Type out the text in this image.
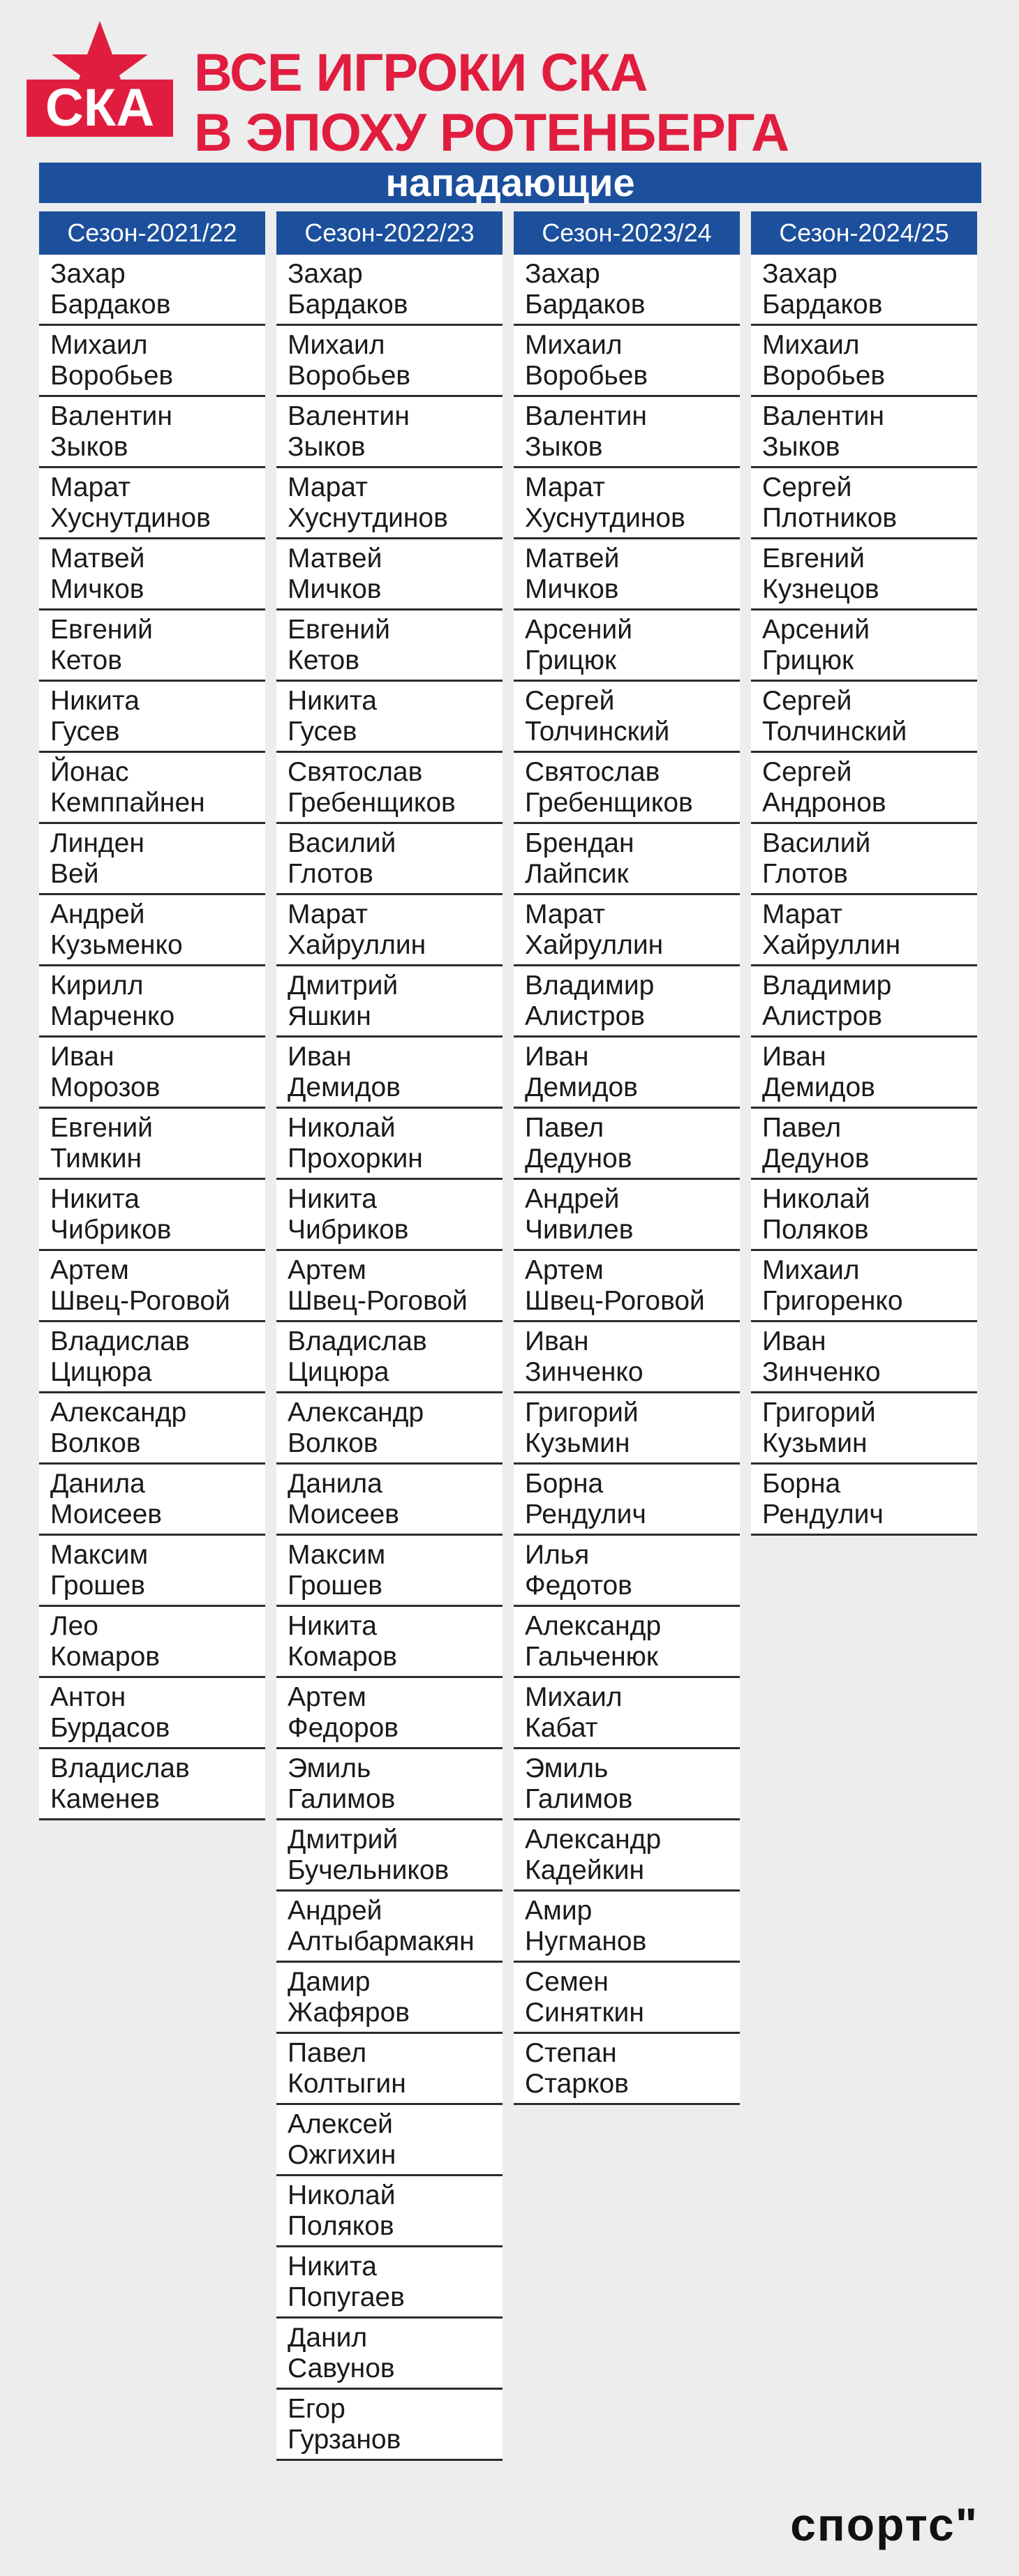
СКА
ВСЕ ИГРОКИ СКА
В ЭПОХУ РОТЕНБЕРГА
нападающие
Сезон-2021/22
Захар
Бардаков
Михаил
Воробьев
Валентин
Зыков
Марат
Хуснутдинов
Матвей
Мичков
Евгений
Кетов
Никита
Гусев
Йонас
Кемппайнен
Линден
Вей
Андрей
Кузьменко
Кирилл
Марченко
Иван
Морозов
Евгений
Тимкин
Никита
Чибриков
Артем
Швец-Роговой
Владислав
Цицюра
Александр
Волков
Данила
Моисеев
Максим
Грошев
Лео
Комаров
Антон
Бурдасов
Владислав
Каменев
Сезон-2022/23
Захар
Бардаков
Михаил
Воробьев
Валентин
Зыков
Марат
Хуснутдинов
Матвей
Мичков
Евгений
Кетов
Никита
Гусев
Святослав
Гребенщиков
Василий
Глотов
Марат
Хайруллин
Дмитрий
Яшкин
Иван
Демидов
Николай
Прохоркин
Никита
Чибриков
Артем
Швец-Роговой
Владислав
Цицюра
Александр
Волков
Данила
Моисеев
Максим
Грошев
Никита
Комаров
Артем
Федоров
Эмиль
Галимов
Дмитрий
Бучельников
Андрей
Алтыбармакян
Дамир
Жафяров
Павел
Колтыгин
Алексей
Ожгихин
Николай
Поляков
Никита
Попугаев
Данил
Савунов
Егор
Гурзанов
Сезон-2023/24
Захар
Бардаков
Михаил
Воробьев
Валентин
Зыков
Марат
Хуснутдинов
Матвей
Мичков
Арсений
Грицюк
Сергей
Толчинский
Святослав
Гребенщиков
Брендан
Лайпсик
Марат
Хайруллин
Владимир
Алистров
Иван
Демидов
Павел
Дедунов
Андрей
Чивилев
Артем
Швец-Роговой
Иван
Зинченко
Григорий
Кузьмин
Борна
Рендулич
Илья
Федотов
Александр
Гальченюк
Михаил
Кабат
Эмиль
Галимов
Александр
Кадейкин
Амир
Нугманов
Семен
Синяткин
Степан
Старков
Сезон-2024/25
Захар
Бардаков
Михаил
Воробьев
Валентин
Зыков
Сергей
Плотников
Евгений
Кузнецов
Арсений
Грицюк
Сергей
Толчинский
Сергей
Андронов
Василий
Глотов
Марат
Хайруллин
Владимир
Алистров
Иван
Демидов
Павел
Дедунов
Николай
Поляков
Михаил
Григоренко
Иван
Зинченко
Григорий
Кузьмин
Борна
Рендулич
спортс"
